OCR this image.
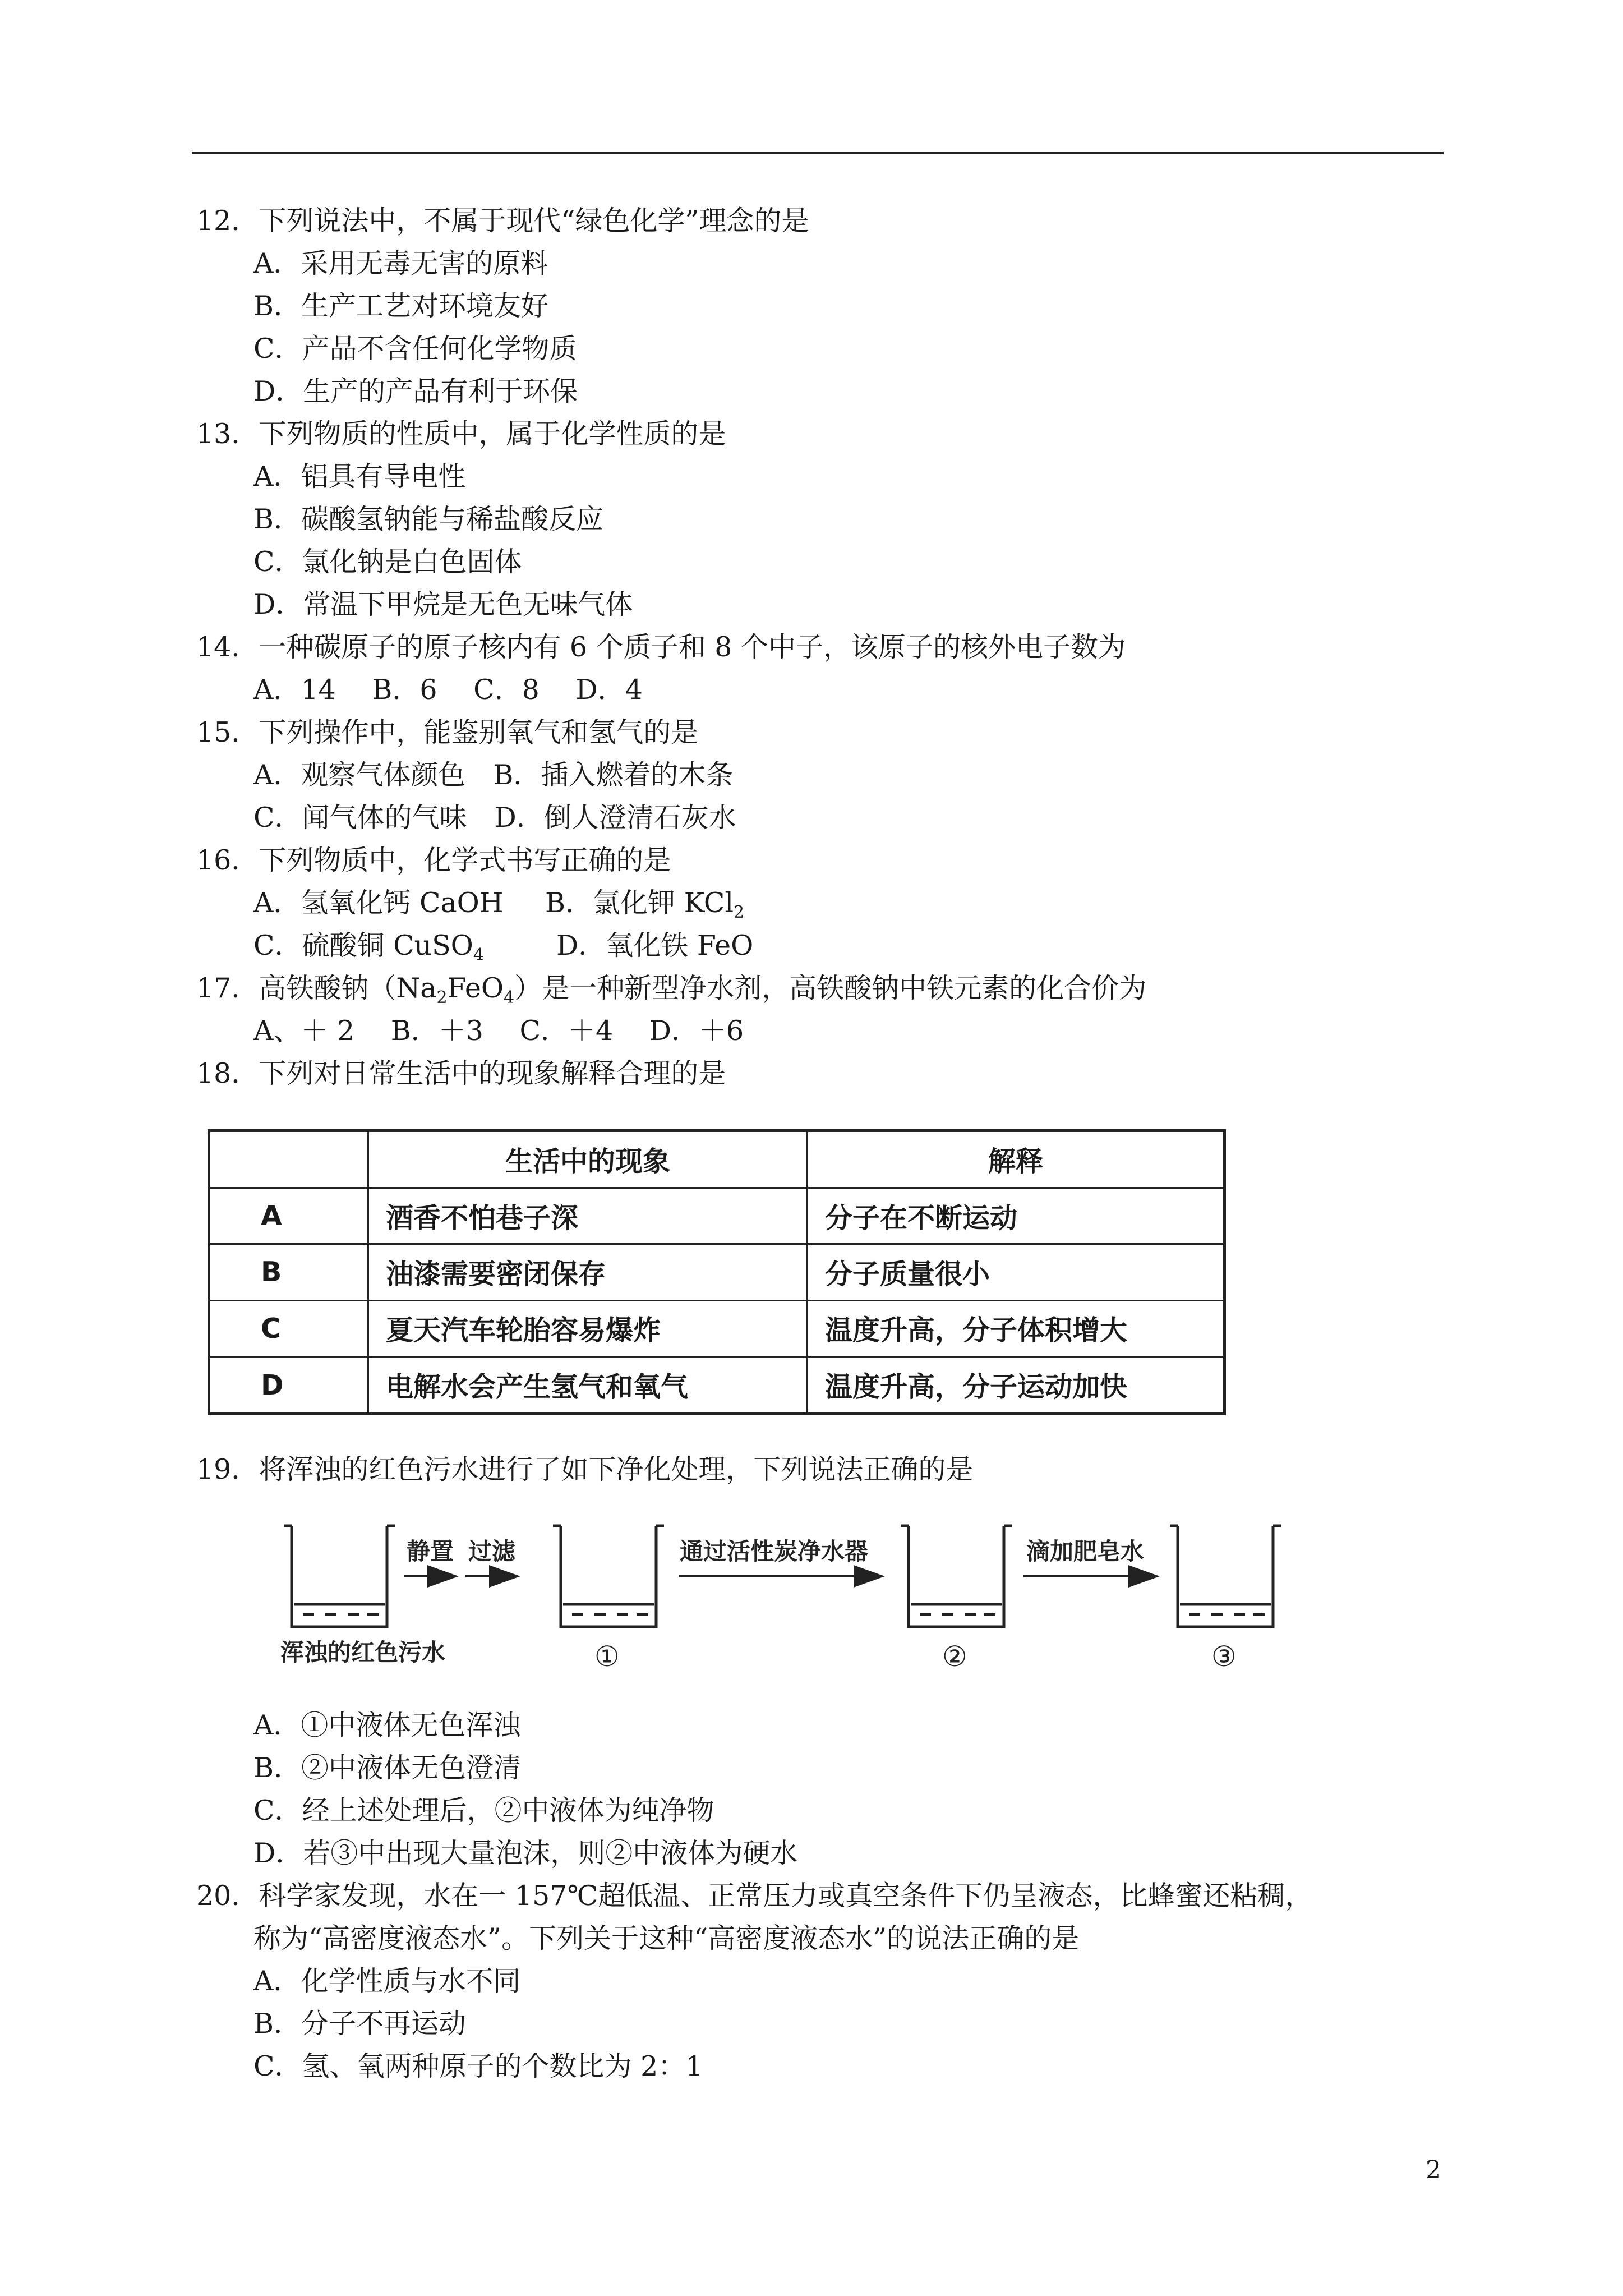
12．下列说法中，不属于现代“绿色化学”理念的是
A．采用无毒无害的原料
B．生产工艺对环境友好
C．产品不含任何化学物质
D．生产的产品有利于环保
13．下列物质的性质中，属于化学性质的是
A．铝具有导电性
B．碳酸氢钠能与稀盐酸反应
C．氯化钠是白色固体
D．常温下甲烷是无色无味气体
14．一种碳原子的原子核内有 6 个质子和 8 个中子，该原子的核外电子数为
A．14　 B．6　 C．8　 D．4
15．下列操作中，能鉴别氧气和氢气的是
A．观察气体颜色　B．插入燃着的木条
C．闻气体的气味　D．倒人澄清石灰水
16．下列物质中，化学式书写正确的是
A．氢氧化钙 CaOH B．氯化钾 KCl$_2$
C．硫酸铜 CuSO$_4$	D．氧化铁 FeO
17．高铁酸钠$(Na_2FeO_4)$是一种新型净水剂，高铁酸钠中铁元素的化合价为
A、＋ 2　 B．＋3　 C．＋4　 D．＋6
18．下列对日常生活中的现象解释合理的是
	生活中的现象	解释
A	酒香不怕巷子深	分子在不断运动
B	油漆需要密闭保存	分子质量很小
C	夏天汽车轮胎容易爆炸	温度升高，分子体积增大
D	电解水会产生氢气和氧气	温度升高，分子运动加快
19．将浑浊的红色污水进行了如下净化处理，下列说法正确的是
浑浊的红色污水
静置 过滤
①
通过活性炭净水器
②
滴加肥皂水
③
A．①中液体无色浑浊
B．②中液体无色澄清
C．经上述处理后，②中液体为纯净物
D．若③中出现大量泡沫，则②中液体为硬水
20．科学家发现，水在一 157℃超低温、正常压力或真空条件下仍呈液态，比蜂蜜还粘稠，
称为“高密度液态水”。下列关于这种“高密度液态水”的说法正确的是
A．化学性质与水不同
B．分子不再运动
C．氢、氧两种原子的个数比为 2：1
2
